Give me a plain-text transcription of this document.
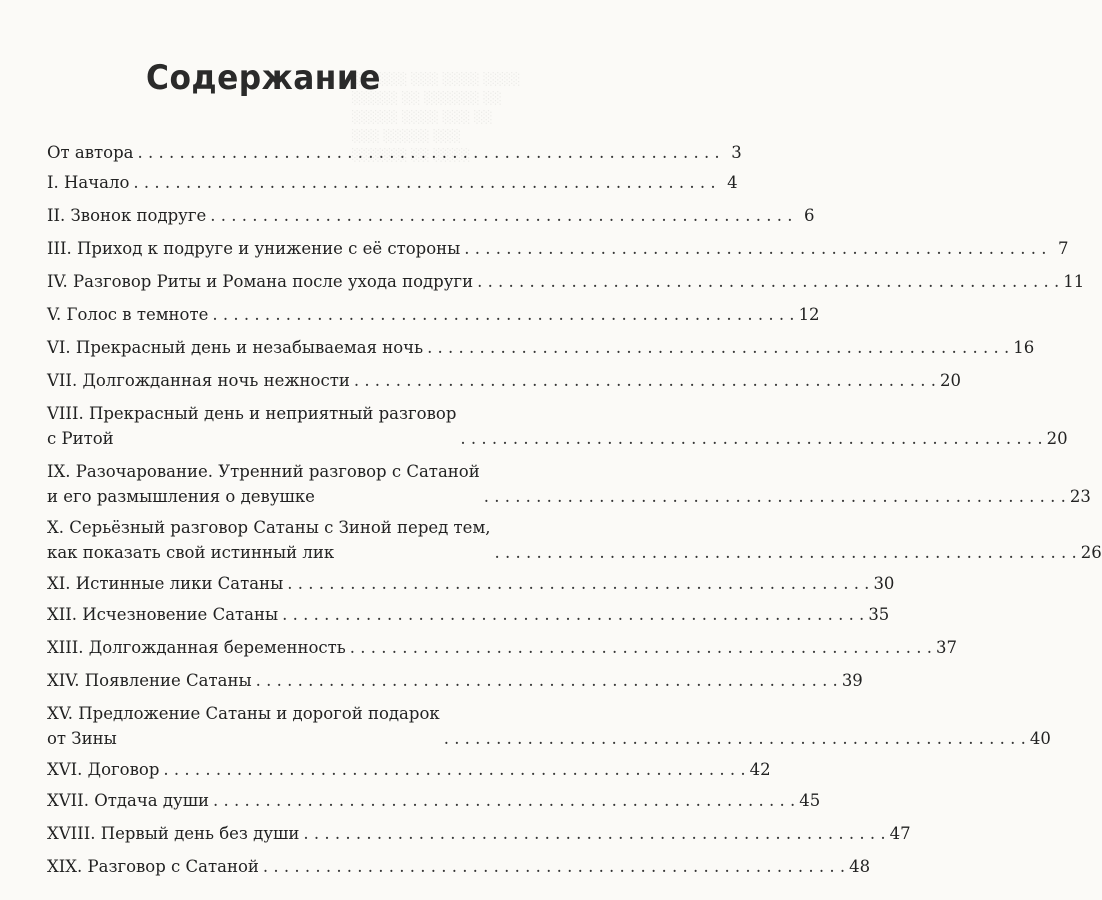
░░░░░░ ░░░ ░░░░ ░░░░
░░░░░ ░░ ░░░░░░ ░░
░░░░░ ░░░░ ░░░ ░░
░░░ ░░░░░ ░░░
░░░░░░ ░░ ░░░░
Содержание
От автора . . .	3
I. Начало . . .	4
II. Звонок подруге . . .	6
III. Приход к подруге и унижение с её стороны . . .	7
IV. Разговор Риты и Романа после ухода подруги . . .	11
V. Голос в темноте . . .	12
VI. Прекрасный день и незабываемая ночь . . .	16
VII. Долгожданная ночь нежности . . .	20
VIII. Прекрасный день и неприятный разговор
с Ритой . . .	20
IX. Разочарование. Утренний разговор с Сатаной
и его размышления о девушке . . .	23
X. Серьёзный разговор Сатаны с Зиной перед тем,
как показать свой истинный лик . . .	26
XI. Истинные лики Сатаны . . .	30
XII. Исчезновение Сатаны . . .	35
XIII. Долгожданная беременность . . .	37
XIV. Появление Сатаны . . .	39
XV. Предложение Сатаны и дорогой подарок
от Зины . . .	40
XVI. Договор . . .	42
XVII. Отдача души . . .	45
XVIII. Первый день без души . . .	47
XIX. Разговор с Сатаной . . .	48
